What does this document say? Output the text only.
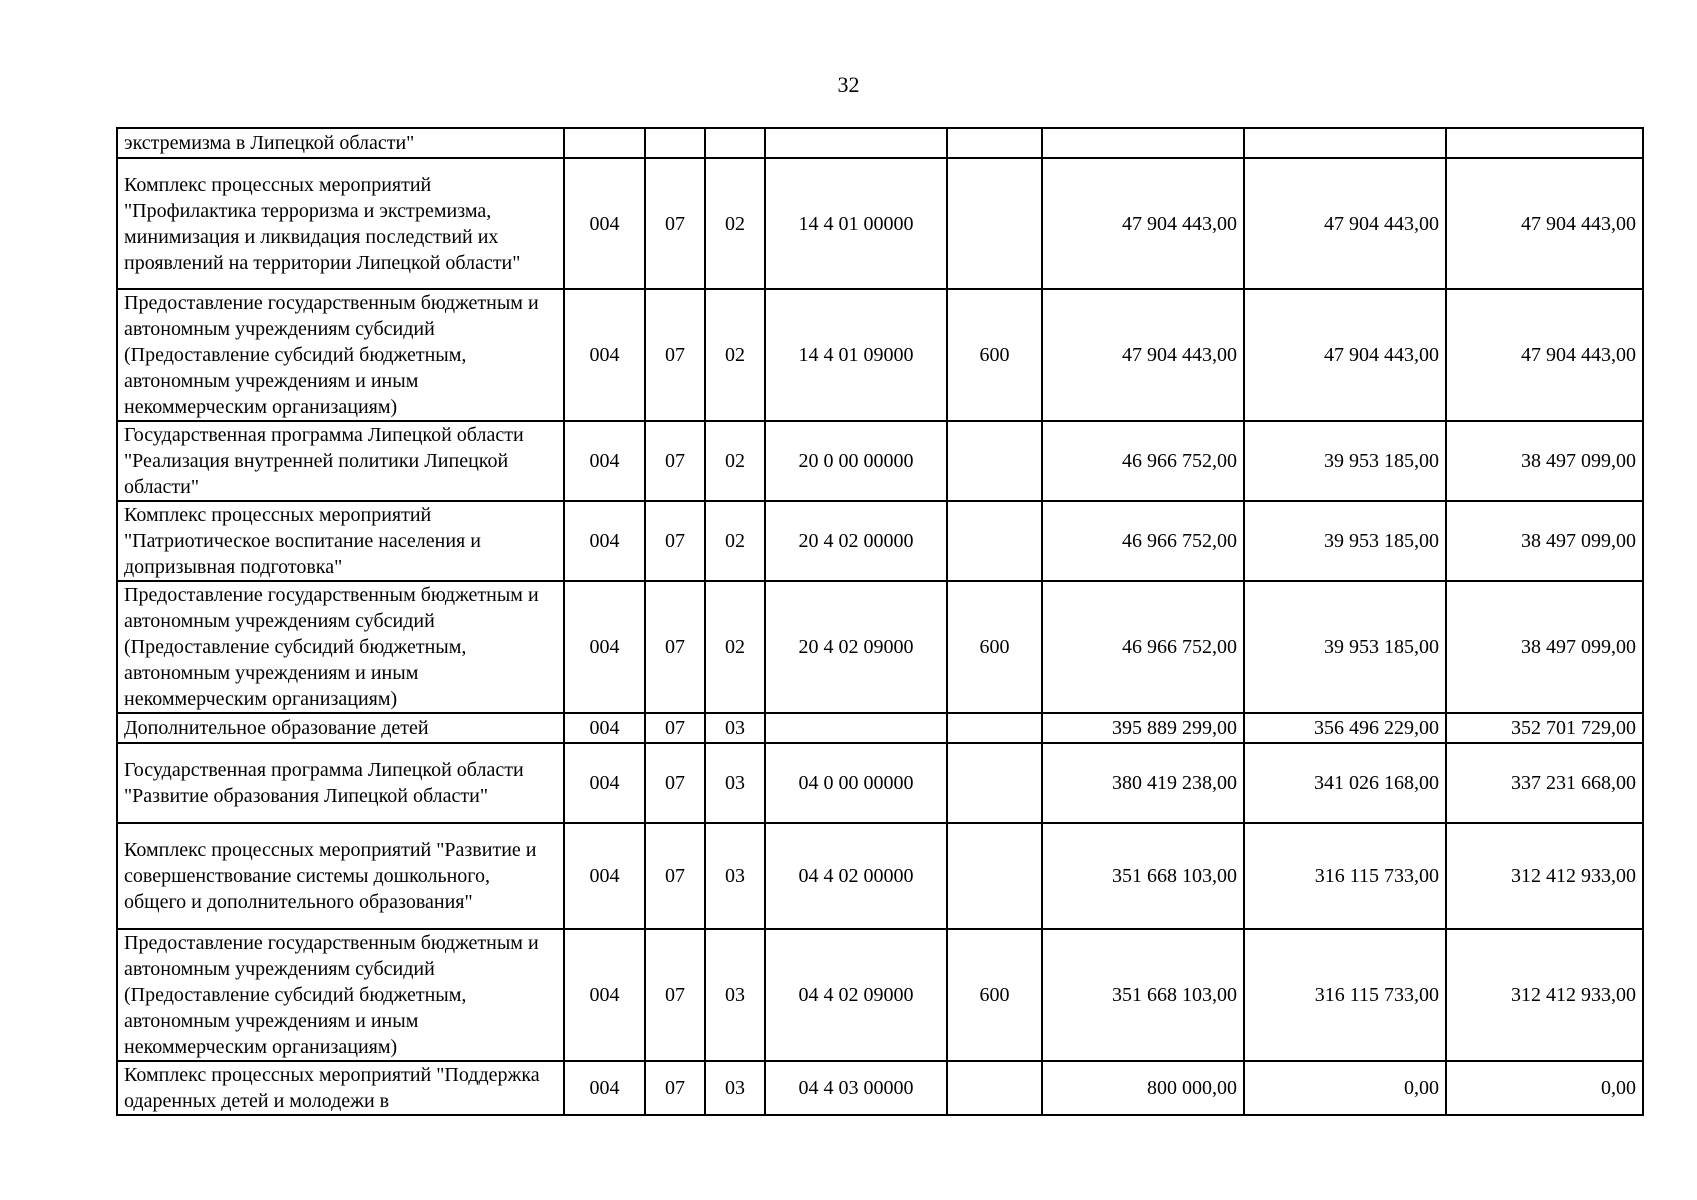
32
экстремизма в Липецкой области"								
Комплекс процессных мероприятий "Профилактика терроризма и экстремизма, минимизация и ликвидация последствий их проявлений на территории Липецкой области"	004	07	02	14 4 01 00000		47 904 443,00	47 904 443,00	47 904 443,00
Предоставление государственным бюджетным и автономным учреждениям субсидий (Предоставление субсидий бюджетным, автономным учреждениям и иным некоммерческим организациям)	004	07	02	14 4 01 09000	600	47 904 443,00	47 904 443,00	47 904 443,00
Государственная программа Липецкой области "Реализация внутренней политики Липецкой области"	004	07	02	20 0 00 00000		46 966 752,00	39 953 185,00	38 497 099,00
Комплекс процессных мероприятий "Патриотическое воспитание населения и допризывная подготовка"	004	07	02	20 4 02 00000		46 966 752,00	39 953 185,00	38 497 099,00
Предоставление государственным бюджетным и автономным учреждениям субсидий (Предоставление субсидий бюджетным, автономным учреждениям и иным некоммерческим организациям)	004	07	02	20 4 02 09000	600	46 966 752,00	39 953 185,00	38 497 099,00
Дополнительное образование детей	004	07	03			395 889 299,00	356 496 229,00	352 701 729,00
Государственная программа Липецкой области "Развитие образования Липецкой области"	004	07	03	04 0 00 00000		380 419 238,00	341 026 168,00	337 231 668,00
Комплекс процессных мероприятий "Развитие и совершенствование системы дошкольного, общего и дополнительного образования"	004	07	03	04 4 02 00000		351 668 103,00	316 115 733,00	312 412 933,00
Предоставление государственным бюджетным и автономным учреждениям субсидий (Предоставление субсидий бюджетным, автономным учреждениям и иным некоммерческим организациям)	004	07	03	04 4 02 09000	600	351 668 103,00	316 115 733,00	312 412 933,00
Комплекс процессных мероприятий "Поддержка одаренных детей и молодежи в	004	07	03	04 4 03 00000		800 000,00	0,00	0,00
